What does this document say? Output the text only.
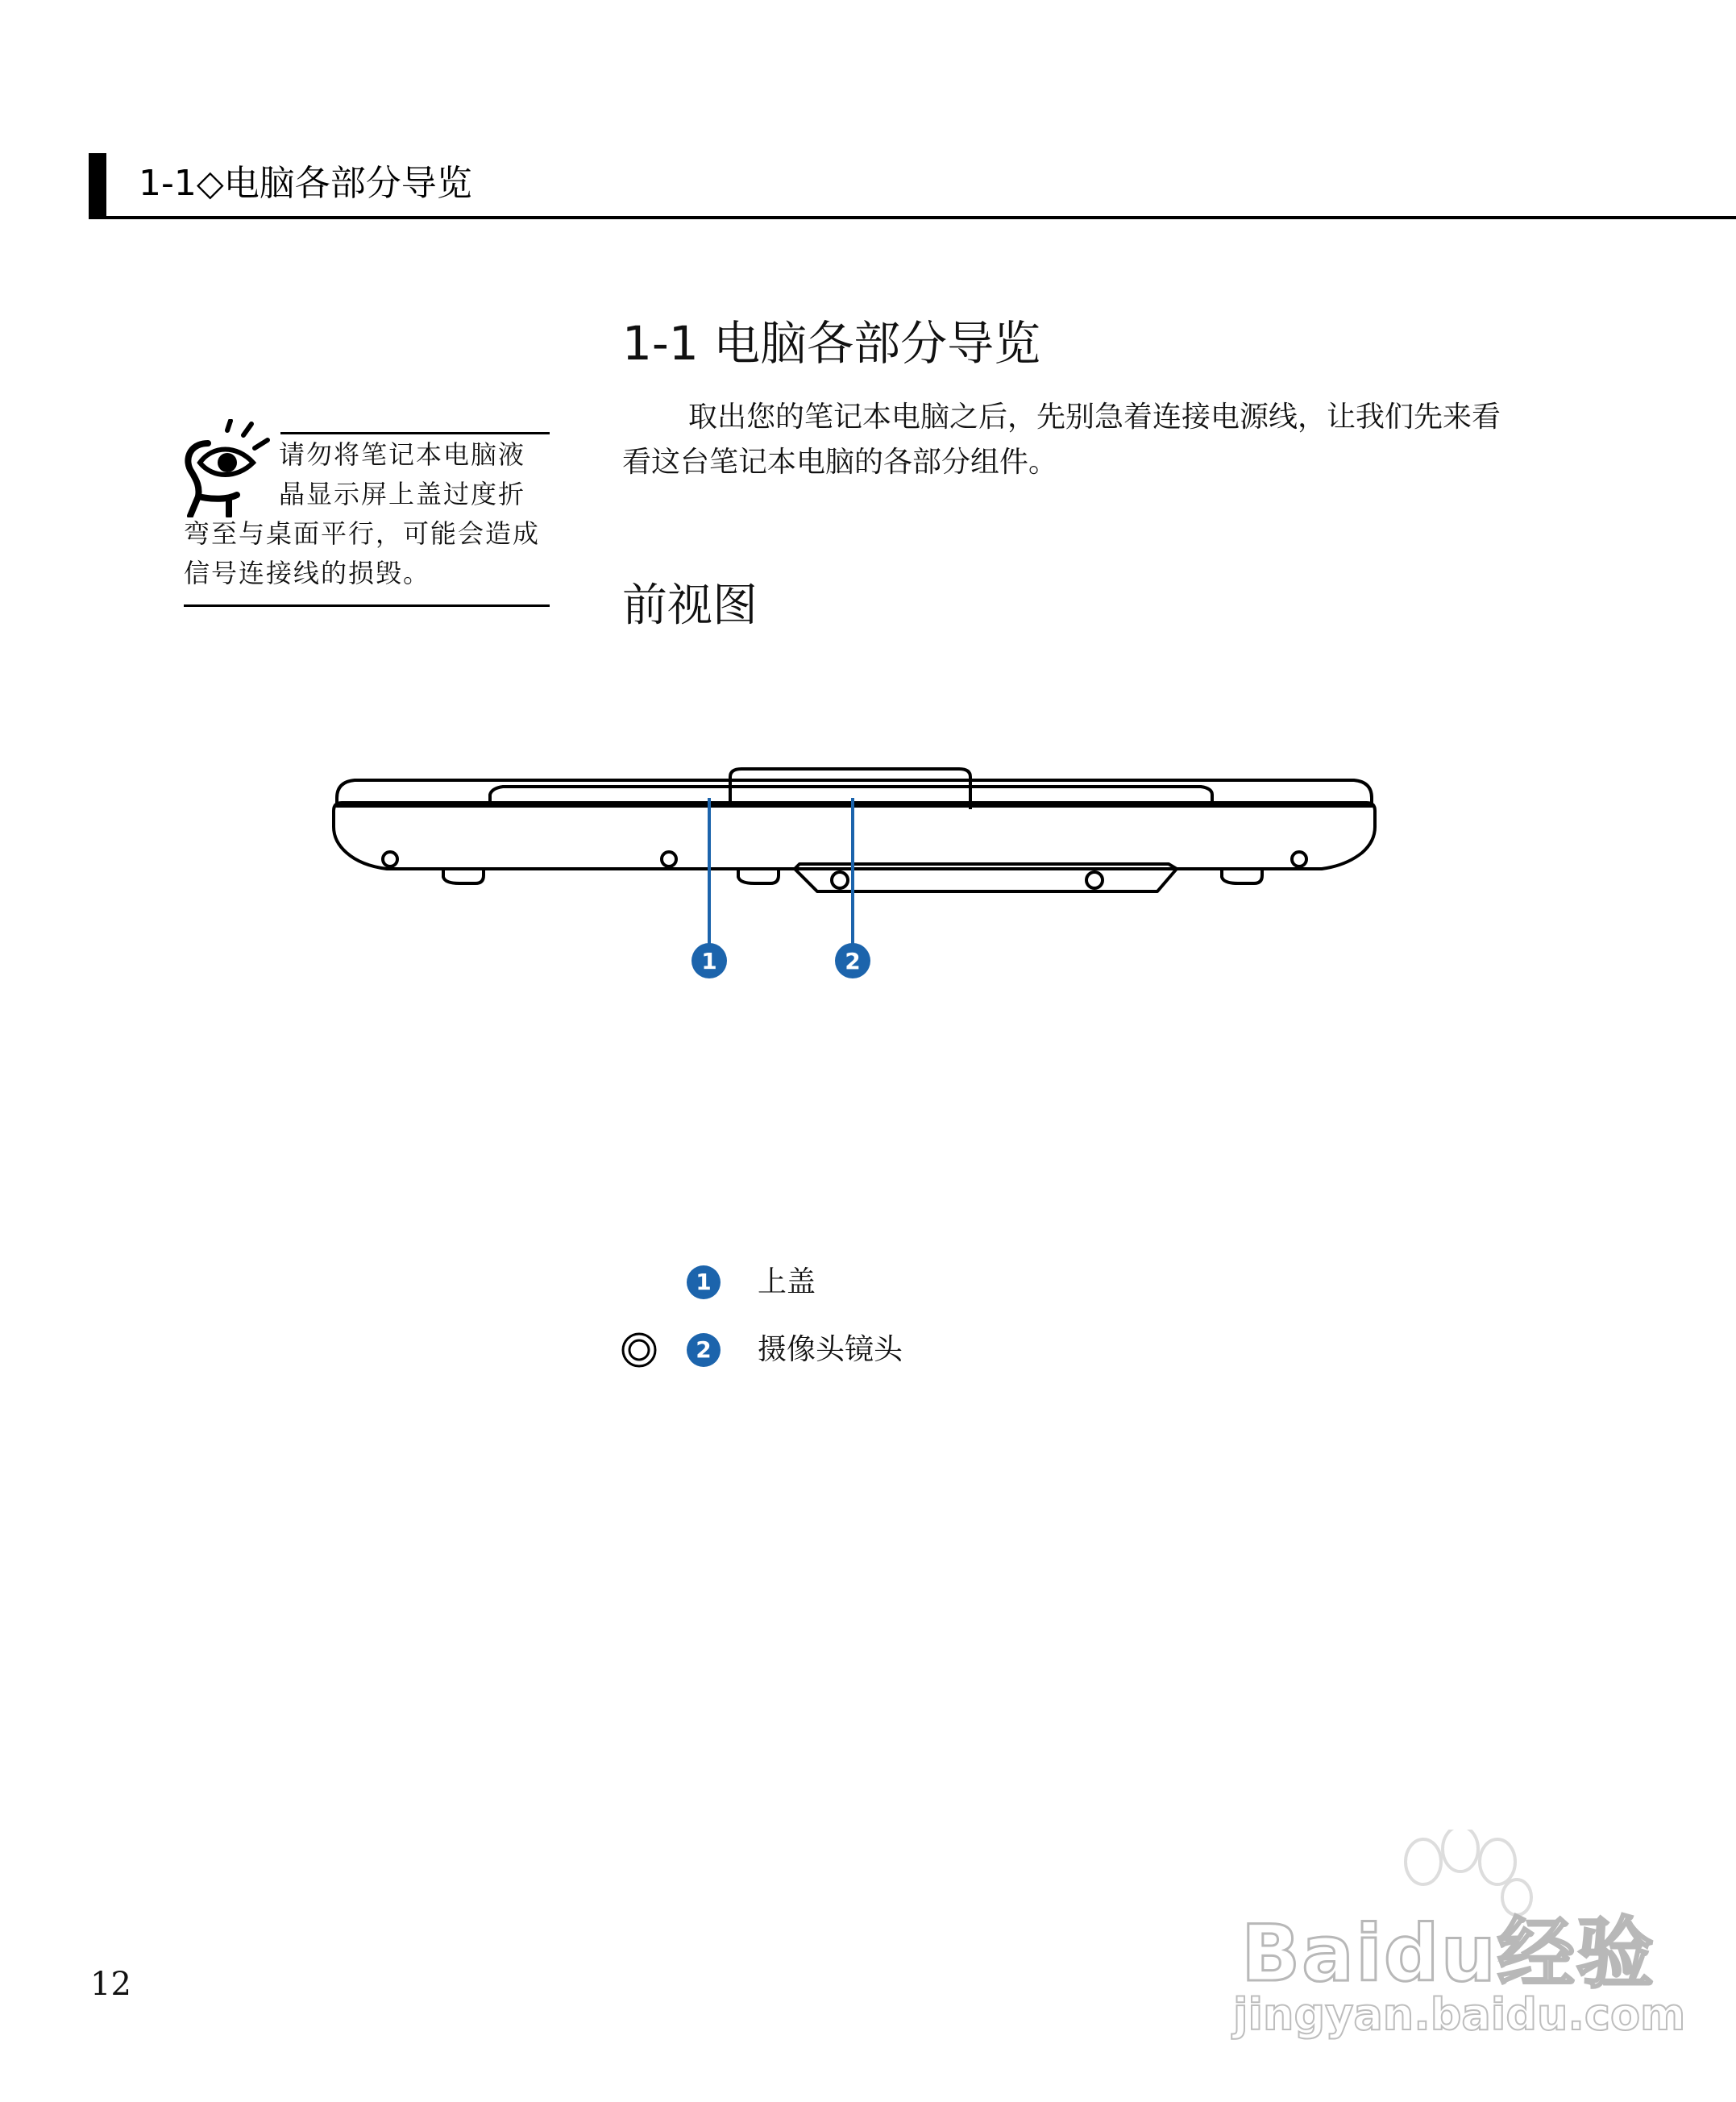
1-1◇电脑各部分导览
1-1 电脑各部分导览

取出您的笔记本电脑之后，先别急着连接电源线，让我们先来看看这台笔记本电脑的各部分组件。

前视图

请勿将笔记本电脑液晶显示屏上盖过度折弯至与桌面平行，可能会造成信号连接线的损毁。

1	2
1	上盖
2	摄像头镜头
12	Baidu经验
jingyan.baidu.com
